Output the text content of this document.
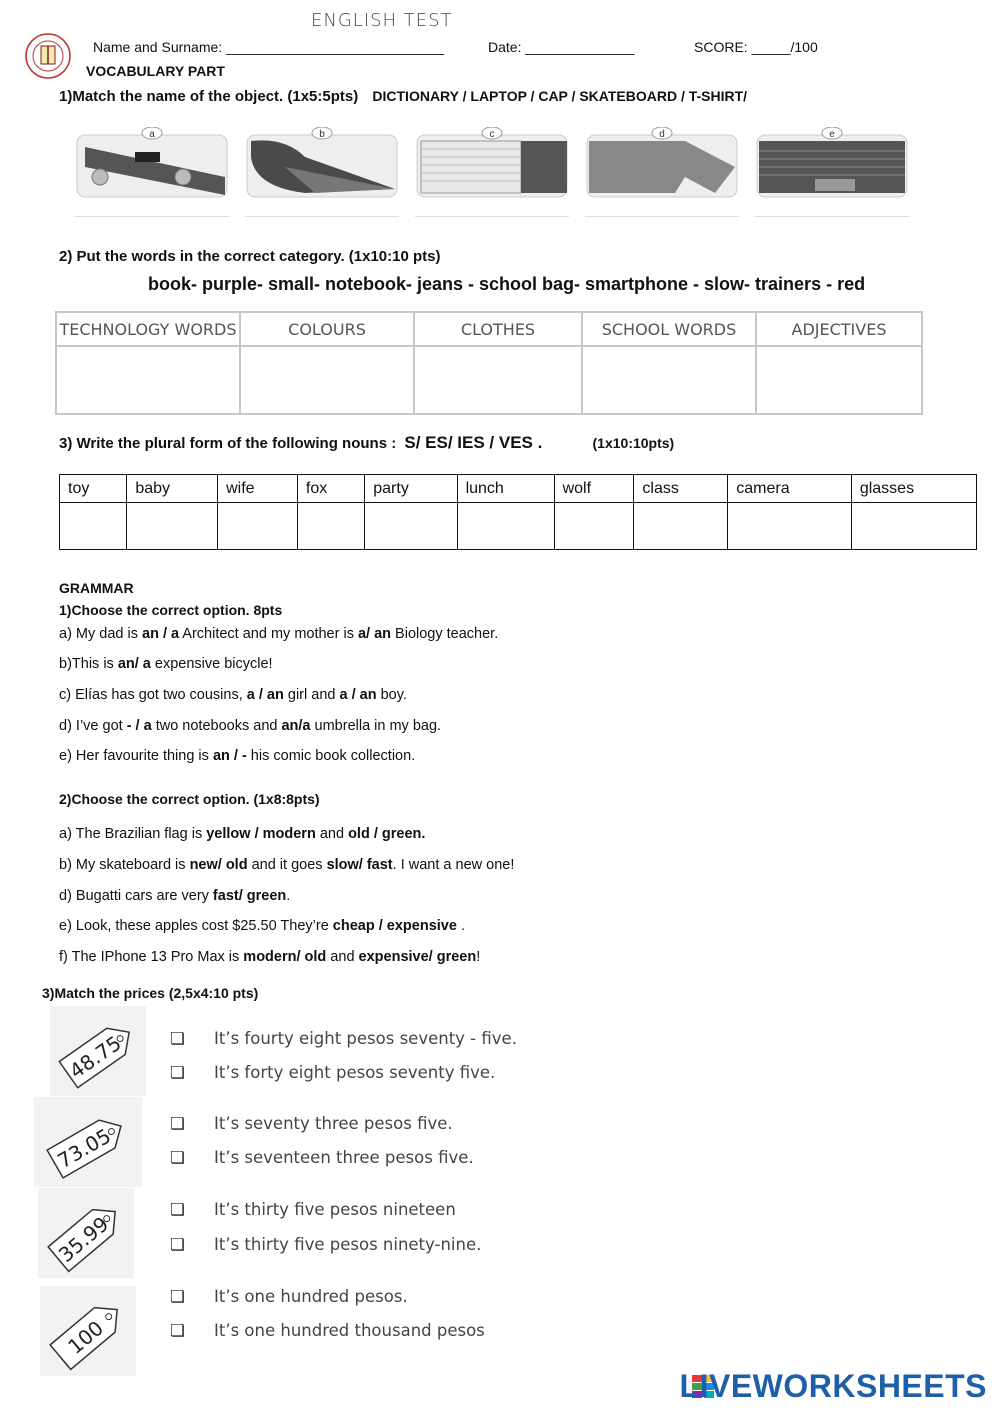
ENGLISH TEST
Name and Surname: ____________________________	Date: ______________	SCORE: _____/100
VOCABULARY PART
1)Match the name of the object. (1x5:5pts) DICTIONARY / LAPTOP / CAP / SKATEBOARD / T-SHIRT/
a	b	c	d	e
2) Put the words in the correct category. (1x10:10 pts)
book- purple- small- notebook- jeans - school bag- smartphone - slow- trainers - red
TECHNOLOGY WORDS	COLOURS	CLOTHES	SCHOOL WORDS	ADJECTIVES

3) Write the plural form of the following nouns : S/ ES/ IES / VES .	(1x10:10pts)
toy	baby	wife	fox	party	lunch	wolf	class	camera	glasses

GRAMMAR
1)Choose the correct option. 8pts
a) My dad is an / a Architect and my mother is a/ an Biology teacher.
b)This is an/ a expensive bicycle!
c) Elías has got two cousins, a / an girl and a / an boy.
d) I’ve got - / a two notebooks and an/a umbrella in my bag.
e) Her favourite thing is an / - his comic book collection.
2)Choose the correct option. (1x8:8pts)
a) The Brazilian flag is yellow / modern and old / green.
b) My skateboard is new/ old and it goes slow/ fast. I want a new one!
d) Bugatti cars are very fast/ green.
e) Look, these apples cost $25.50 They’re cheap / expensive .
f) The IPhone 13 Pro Max is modern/ old and expensive/ green!
3)Match the prices (2,5x4:10 pts)
48.75
73.05
35.99
100
❏ It’s fourty eight pesos seventy - five.
❏ It’s forty eight pesos seventy five.
❏ It’s seventy three pesos five.
❏ It’s seventeen three pesos five.
❏ It’s thirty five pesos nineteen
❏ It’s thirty five pesos ninety-nine.
❏ It’s one hundred pesos.
❏ It’s one hundred thousand pesos
LIVEWORKSHEETS
